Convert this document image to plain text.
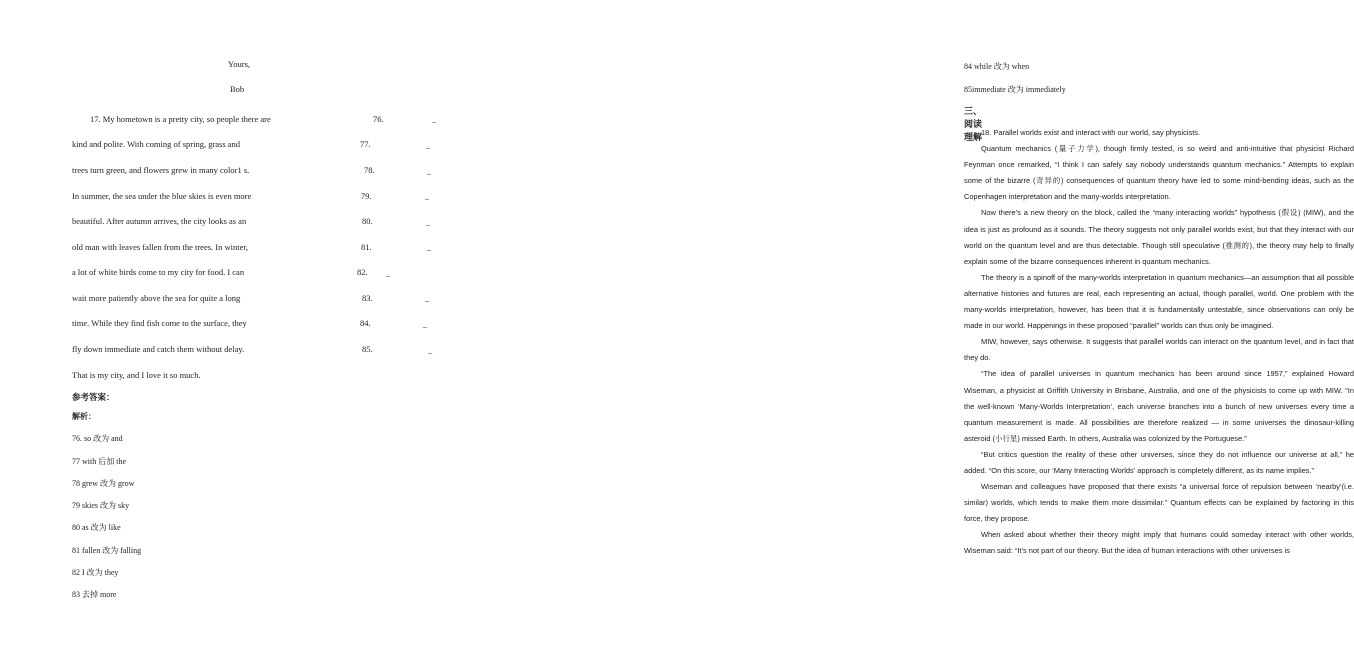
Yours,
Bob
17. My hometown is a pretty city, so people there are
kind and polite. With coming of spring, grass and
trees turn green, and flowers grew in many color1 s.
In summer, the sea under the blue skies is even more
beautiful. After autumn arrives, the city looks as an
old man with leaves fallen from the trees. In winter,
a lot of white birds come to my city for food. I can
wait more patiently above the sea for quite a long
time. While they find fish come to the surface, they
fly down immediate and catch them without delay.
That is my city, and I love it so much.
76.
77.
78.
79.
80.
81.
82.
83.
84.
85.
_
_
_
_
_
_
_
_
_
_
参考答案：
解析：
76. so 改为 and
77 with 后加 the
78 grew 改为 grow
79 skies 改为 sky
80 as 改为 like
81 fallen 改为 falling
82 I 改为 they
83 去掉 more
84 while 改为 when
85immediate 改为 immediately
三、 阅读理解

18. Parallel worlds exist and interact with our world, say physicists.

Quantum mechanics (量子力学), though firmly tested, is so weird and anti-intuitive that physicist Richard Feynman once remarked, “I think I can safely say nobody understands quantum mechanics.” Attempts to explain some of the bizarre (奇异的) consequences of quantum theory have led to some mind-bending ideas, such as the Copenhagen interpretation and the many-worlds interpretation.

Now there’s a new theory on the block, called the “many interacting worlds” hypothesis (假设) (MIW), and the idea is just as profound as it sounds. The theory suggests not only parallel worlds exist, but that they interact with our world on the quantum level and are thus detectable. Though still speculative (推测的), the theory may help to finally explain some of the bizarre consequences inherent in quantum mechanics.

The theory is a spinoff of the many-worlds interpretation in quantum mechanics—an assumption that all possible alternative histories and futures are real, each representing an actual, though parallel, world. One problem with the many-worlds interpretation, however, has been that it is fundamentally untestable, since observations can only be made in our world. Happenings in these proposed “parallel” worlds can thus only be imagined.

MIW, however, says otherwise. It suggests that parallel worlds can interact on the quantum level, and in fact that they do.

“The idea of parallel universes in quantum mechanics has been around since 1957,” explained Howard Wiseman, a physicist at Griffith University in Brisbane, Australia, and one of the physicists to come up with MIW. “In the well-known ‘Many-Worlds Interpretation’, each universe branches into a bunch of new universes every time a quantum measurement is made. All possibilities are therefore realized — in some universes the dinosaur-killing asteroid (小行星) missed Earth. In others, Australia was colonized by the Portuguese.”

“But critics question the reality of these other universes, since they do not influence our universe at all,” he added. “On this score, our ‘Many Interacting Worlds’ approach is completely different, as its name implies.”

Wiseman and colleagues have proposed that there exists “a universal force of repulsion between ‘nearby’(i.e. similar) worlds, which tends to make them more dissimilar.” Quantum effects can be explained by factoring in this force, they propose.

When asked about whether their theory might imply that humans could someday interact with other worlds, Wiseman said: “It’s not part of our theory. But the idea of human interactions with other universes is
